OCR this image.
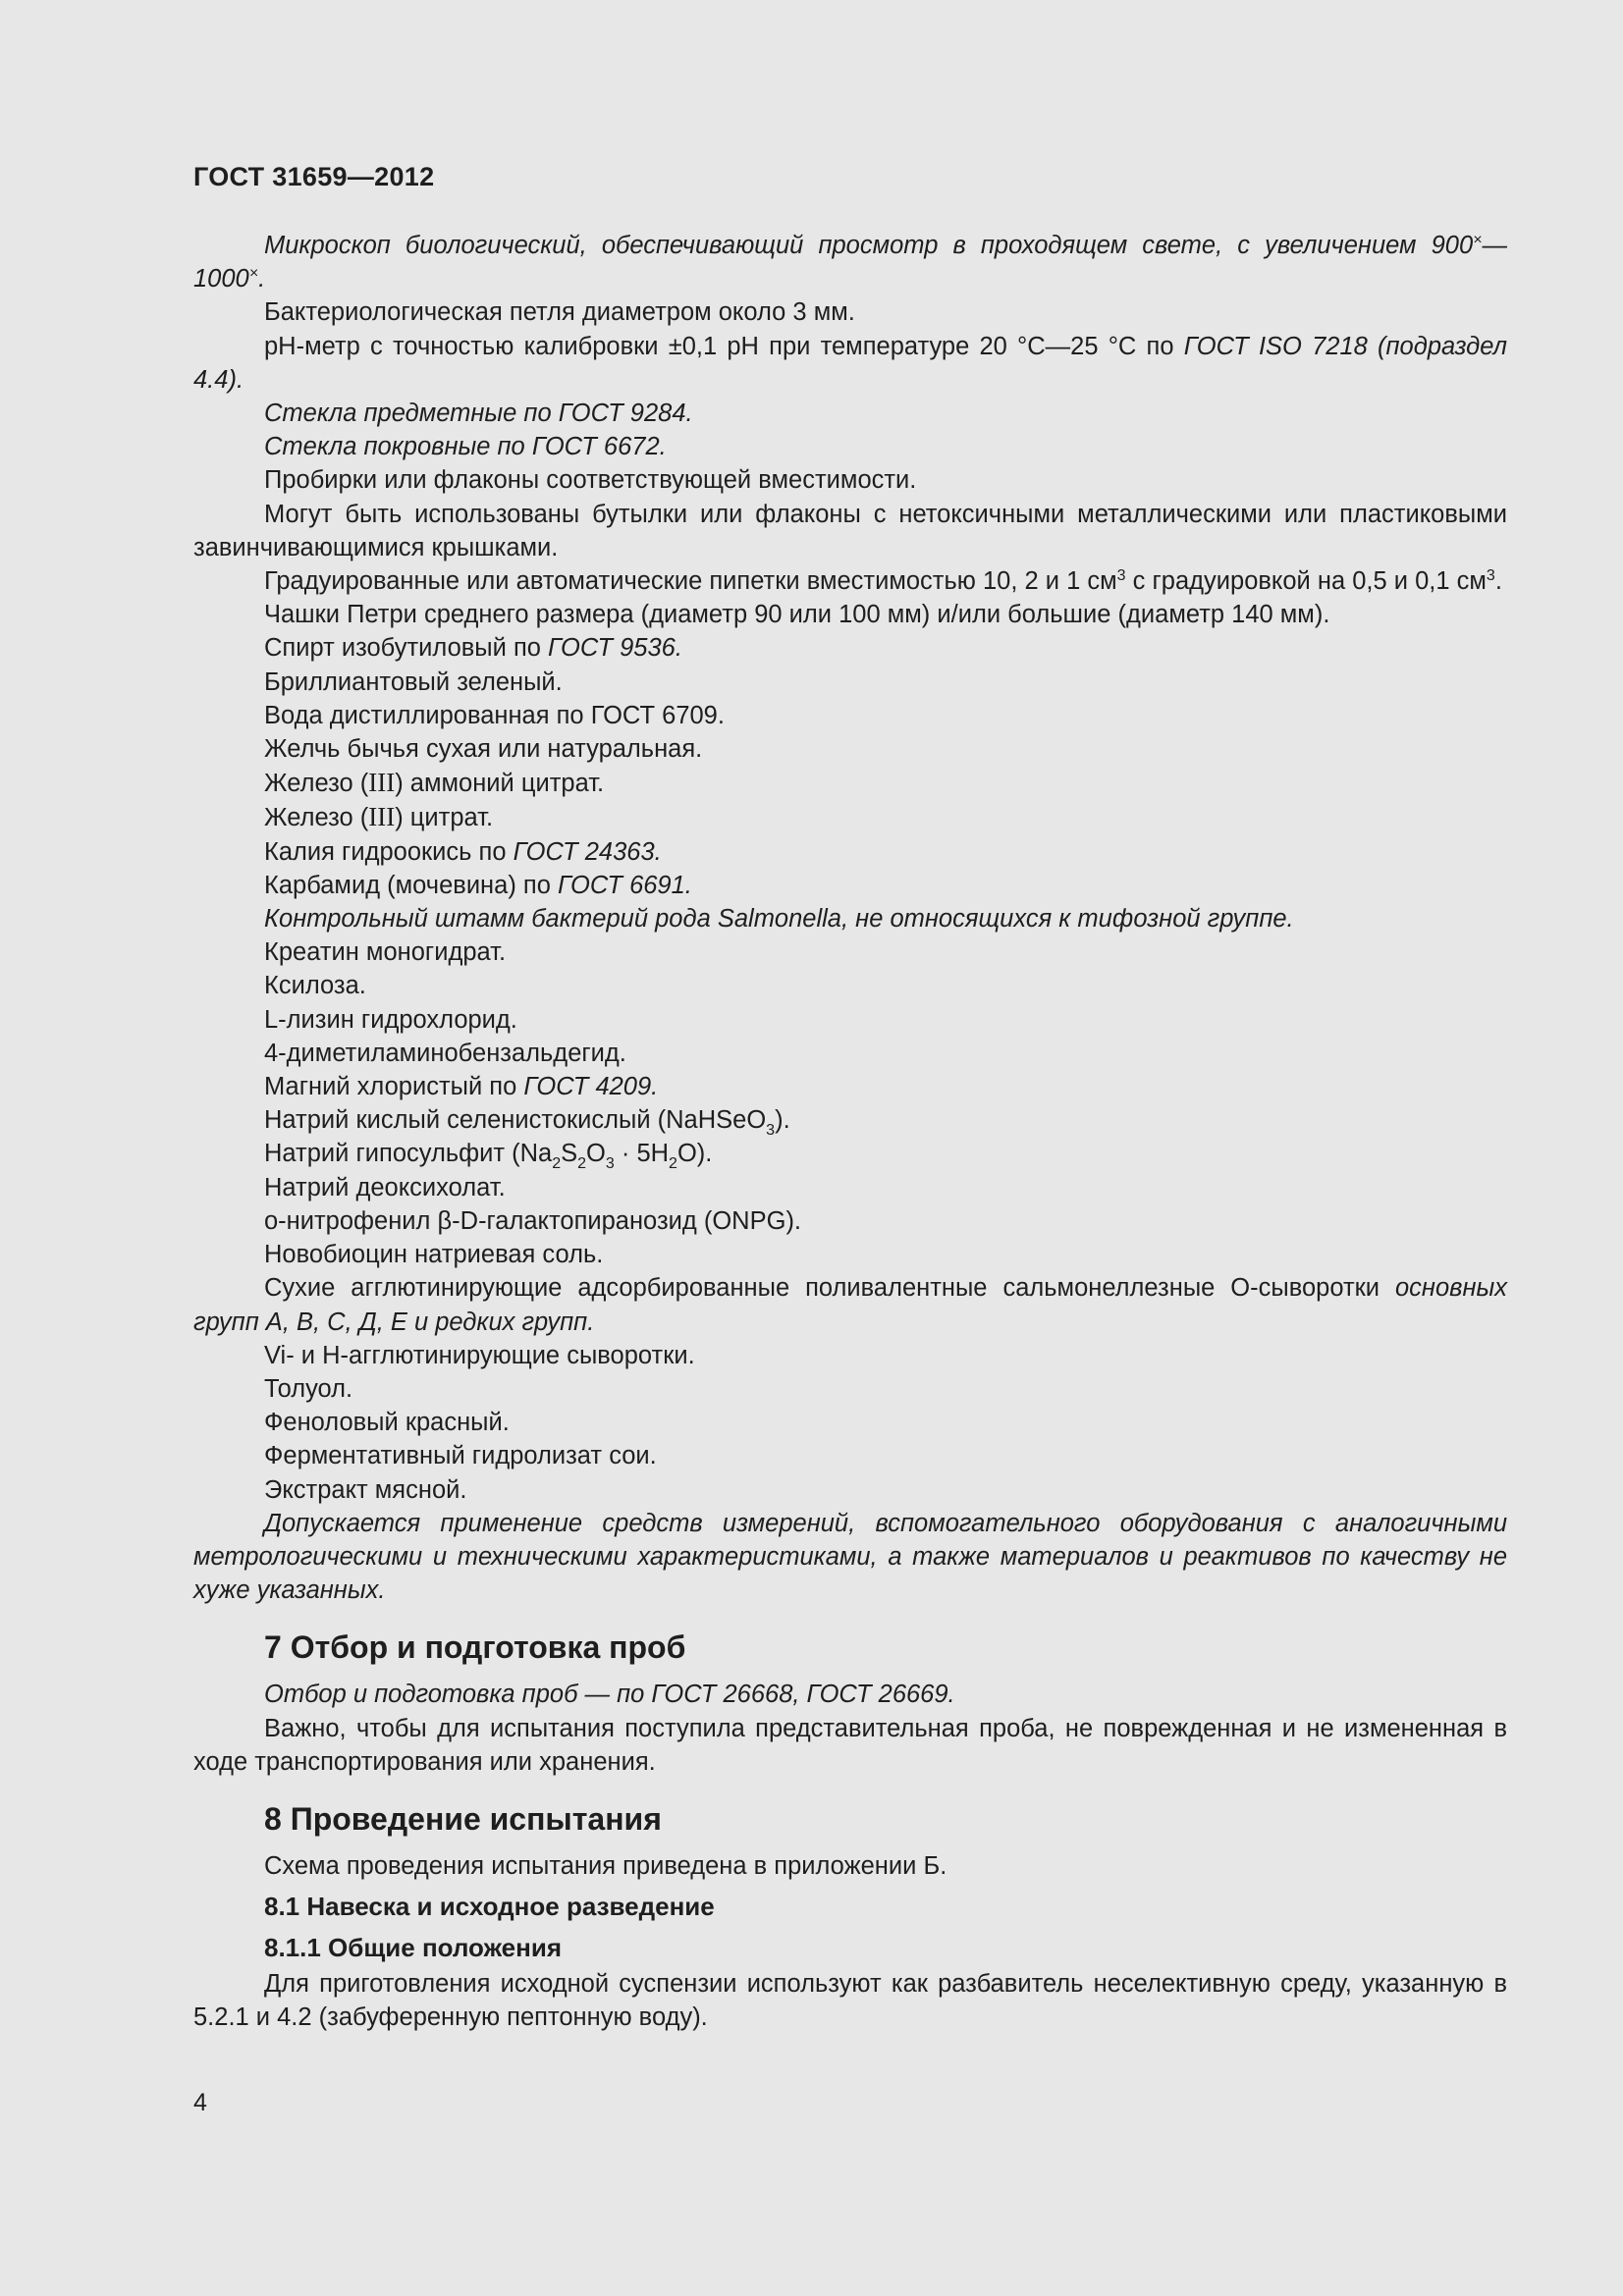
ГОСТ 31659—2012

Микроскоп биологический, обеспечивающий просмотр в проходящем свете, с увеличением 900×—1000×.

Бактериологическая петля диаметром около 3 мм.

рН-метр с точностью калибровки ±0,1 рН при температуре 20 °С—25 °С по ГОСТ ISO 7218 (подраздел 4.4).

Стекла предметные по ГОСТ 9284.

Стекла покровные по ГОСТ 6672.

Пробирки или флаконы соответствующей вместимости.

Могут быть использованы бутылки или флаконы с нетоксичными металлическими или пластиковыми завинчивающимися крышками.

Градуированные или автоматические пипетки вместимостью 10, 2 и 1 $см^3$ с градуировкой на 0,5 и 0,1 $см^3$.

Чашки Петри среднего размера (диаметр 90 или 100 мм) и/или большие (диаметр 140 мм).

Спирт изобутиловый по ГОСТ 9536.

Бриллиантовый зеленый.

Вода дистиллированная по ГОСТ 6709.

Желчь бычья сухая или натуральная.

Железо (III) аммоний цитрат.

Железо (III) цитрат.

Калия гидроокись по ГОСТ 24363.

Карбамид (мочевина) по ГОСТ 6691.

Контрольный штамм бактерий рода Salmonella, не относящихся к тифозной группе.

Креатин моногидрат.

Ксилоза.

L-лизин гидрохлорид.

4-диметиламинобензальдегид.

Магний хлористый по ГОСТ 4209.

Натрий кислый селенистокислый (NaHSeO$_3$).

Натрий гипосульфит $(Na_2S_2O_3 \cdot 5H_2O)$.

Натрий деоксихолат.

о-нитрофенил β-D-галактопиранозид (ONPG).

Новобиоцин натриевая соль.

Сухие агглютинирующие адсорбированные поливалентные сальмонеллезные О-сыворотки основных групп А, В, С, Д, Е и редких групп.

Vi- и Н-агглютинирующие сыворотки.

Толуол.

Феноловый красный.

Ферментативный гидролизат сои.

Экстракт мясной.

Допускается применение средств измерений, вспомогательного оборудования с аналогичными метрологическими и техническими характеристиками, а также материалов и реактивов по качеству не хуже указанных.

7 Отбор и подготовка проб

Отбор и подготовка проб — по ГОСТ 26668, ГОСТ 26669.

Важно, чтобы для испытания поступила представительная проба, не поврежденная и не измененная в ходе транспортирования или хранения.

8 Проведение испытания

Схема проведения испытания приведена в приложении Б.

8.1 Навеска и исходное разведение
8.1.1 Общие положения

Для приготовления исходной суспензии используют как разбавитель неселективную среду, указанную в 5.2.1 и 4.2 (забуференную пептонную воду).

4
